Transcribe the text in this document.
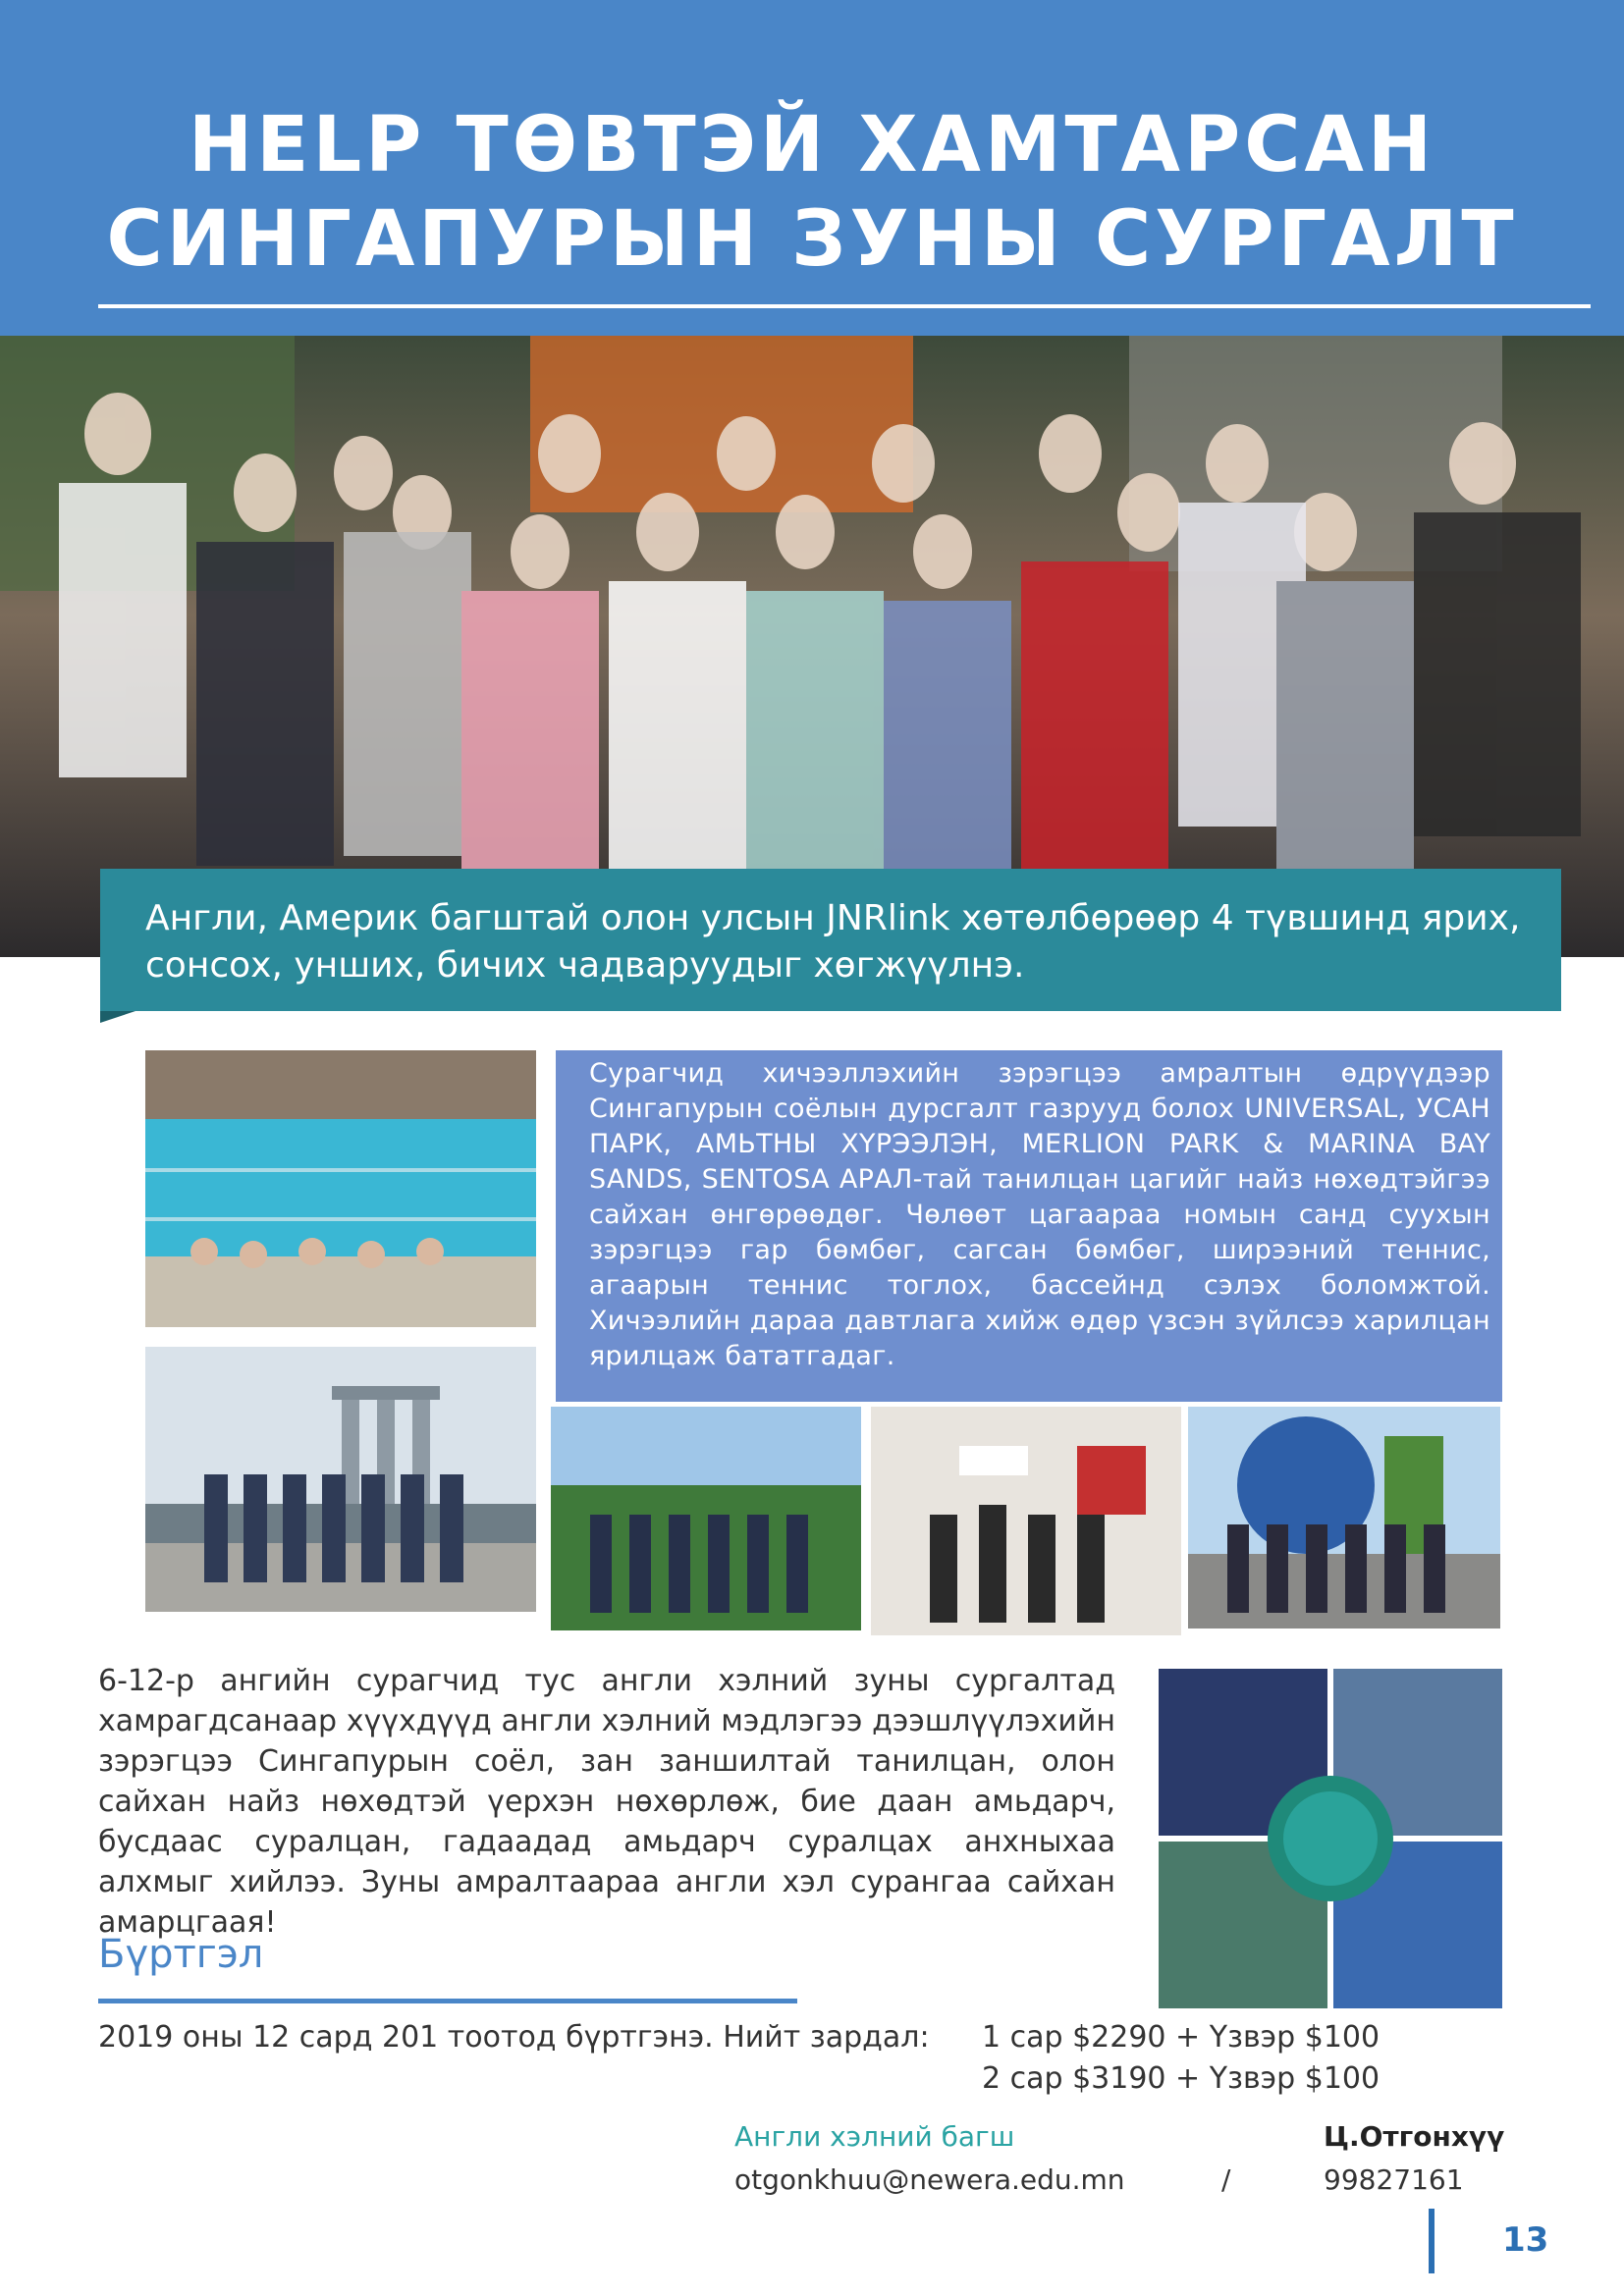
HELP ТӨВТЭЙ ХАМТАРСАН
СИНГАПУРЫН ЗУНЫ СУРГАЛТ
Англи, Америк багштай олон улсын JNRlink хөтөлбөрөөр 4 түвшинд ярих, сонсох, унших, бичих чадваруудыг хөгжүүлнэ.
Сурагчид хичээллэхийн зэрэгцээ амралтын өдрүүдээр Сингапурын соёлын дурсгалт газрууд болох UNIVERSAL, УСАН ПАРК, АМЬТНЫ ХҮРЭЭЛЭН, MERLION PARK & MARINA BAY SANDS, SENTOSA АРАЛ-тай танилцан цагийг найз нөхөдтэйгээ сайхан өнгөрөөдөг. Чөлөөт цагаараа номын санд суухын зэрэгцээ гар бөмбөг, сагсан бөмбөг, ширээний теннис, агаарын теннис тоглох, бассейнд сэлэх боломжтой. Хичээлийн дараа давтлага хийж өдөр үзсэн зүйлсээ харилцан ярилцаж бататгадаг.
6-12-р ангийн сурагчид тус англи хэлний зуны сургалтад хамрагдсанаар хүүхдүүд англи хэлний мэдлэгээ дээшлүүлэхийн зэрэгцээ Сингапурын соёл, зан заншилтай танилцан, олон сайхан найз нөхөдтэй үерхэн нөхөрлөж, бие даан амьдарч, бусдаас суралцан, гадаадад амьдарч суралцах анхныхаа алхмыг хийлээ. Зуны амралтаараа англи хэл сурангаа сайхан амарцгаая!
Бүртгэл
2019 оны 12 сард 201 тоотод бүртгэнэ. Нийт зардал: 1 сар $2290 + Үзвэр $100
2 сар $3190 + Үзвэр $100
Англи хэлний багш
otgonkhuu@newera.edu.mn	/
Ц.Отгонхүү
99827161
13
